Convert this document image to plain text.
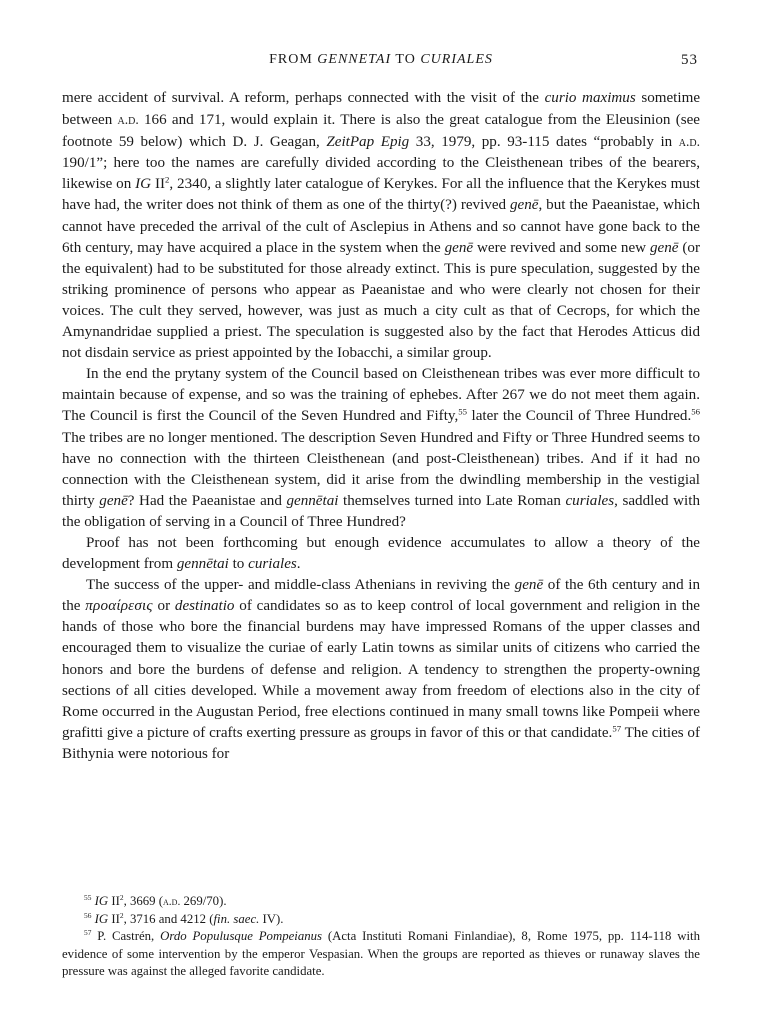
FROM GENNETAI TO CURIALES	53

mere accident of survival. A reform, perhaps connected with the visit of the curio maximus sometime between a.d. 166 and 171, would explain it. There is also the great catalogue from the Eleusinion (see footnote 59 below) which D. J. Geagan, ZeitPap Epig 33, 1979, pp. 93-115 dates “probably in a.d. 190/1”; here too the names are carefully divided according to the Cleisthenean tribes of the bearers, likewise on IG $II^2$, 2340, a slightly later catalogue of Kerykes. For all the influence that the Kerykes must have had, the writer does not think of them as one of the thirty(?) revived genē, but the Paeanistae, which cannot have preceded the arrival of the cult of Asclepius in Athens and so cannot have gone back to the 6th century, may have acquired a place in the system when the genē were revived and some new genē (or the equivalent) had to be substituted for those already extinct. This is pure speculation, suggested by the striking prominence of persons who appear as Paeanistae and who were clearly not chosen for their voices. The cult they served, however, was just as much a city cult as that of Cecrops, for which the Amynandridae supplied a priest. The speculation is suggested also by the fact that Herodes Atticus did not disdain service as priest appointed by the Iobacchi, a similar group.

In the end the prytany system of the Council based on Cleisthenean tribes was ever more difficult to maintain because of expense, and so was the training of ephebes. After 267 we do not meet them again. The Council is first the Council of the Seven Hundred and Fifty,$^{55}$ later the Council of Three Hundred.$^{56}$ The tribes are no longer mentioned. The description Seven Hundred and Fifty or Three Hundred seems to have no connection with the thirteen Cleisthenean (and post-Cleisthenean) tribes. And if it had no connection with the Cleisthenean system, did it arise from the dwindling membership in the vestigial thirty genē? Had the Paeanistae and gennētai themselves turned into Late Roman curiales, saddled with the obligation of serving in a Council of Three Hundred?

Proof has not been forthcoming but enough evidence accumulates to allow a theory of the development from gennētai to curiales.

The success of the upper- and middle-class Athenians in reviving the genē of the 6th century and in the προαίρεσις or destinatio of candidates so as to keep control of local government and religion in the hands of those who bore the financial burdens may have impressed Romans of the upper classes and encouraged them to visualize the curiae of early Latin towns as similar units of citizens who carried the honors and bore the burdens of defense and religion. A tendency to strengthen the property-owning sections of all cities developed. While a movement away from freedom of elections also in the city of Rome occurred in the Augustan Period, free elections continued in many small towns like Pompeii where grafitti give a picture of crafts exerting pressure as groups in favor of this or that candidate.$^{57}$ The cities of Bithynia were notorious for

$^{55}$ IG $II^2$, 3669 (a.d. 269/70).

$^{56}$ IG $II^2$, 3716 and 4212 (fin. saec. IV).

$^{57}$ P. Castrén, Ordo Populusque Pompeianus (Acta Instituti Romani Finlandiae), 8, Rome 1975, pp. 114-118 with evidence of some intervention by the emperor Vespasian. When the groups are reported as thieves or runaway slaves the pressure was against the alleged favorite candidate.
